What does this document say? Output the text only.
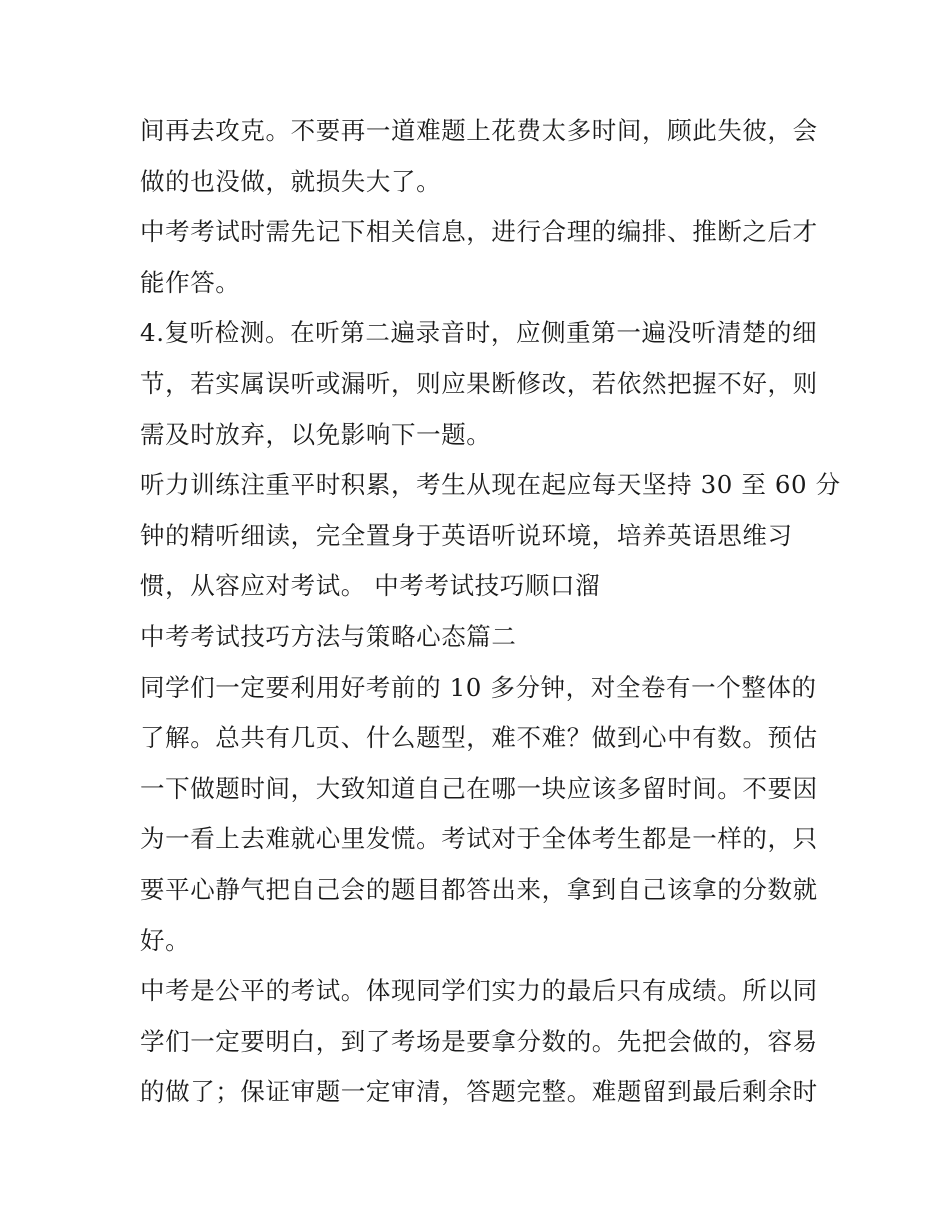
间再去攻克。不要再一道难题上花费太多时间，顾此失彼，会
做的也没做，就损失大了。
中考考试时需先记下相关信息，进行合理的编排、推断之后才
能作答。
4.复听检测。在听第二遍录音时，应侧重第一遍没听清楚的细
节，若实属误听或漏听，则应果断修改，若依然把握不好，则
需及时放弃，以免影响下一题。
听力训练注重平时积累，考生从现在起应每天坚持 30 至 60 分
钟的精听细读，完全置身于英语听说环境，培养英语思维习
惯，从容应对考试。 中考考试技巧顺口溜
中考考试技巧方法与策略心态篇二
同学们一定要利用好考前的 10 多分钟，对全卷有一个整体的
了解。总共有几页、什么题型，难不难？做到心中有数。预估
一下做题时间，大致知道自己在哪一块应该多留时间。不要因
为一看上去难就心里发慌。考试对于全体考生都是一样的，只
要平心静气把自己会的题目都答出来，拿到自己该拿的分数就
好。
中考是公平的考试。体现同学们实力的最后只有成绩。所以同
学们一定要明白，到了考场是要拿分数的。先把会做的，容易
的做了；保证审题一定审清，答题完整。难题留到最后剩余时
